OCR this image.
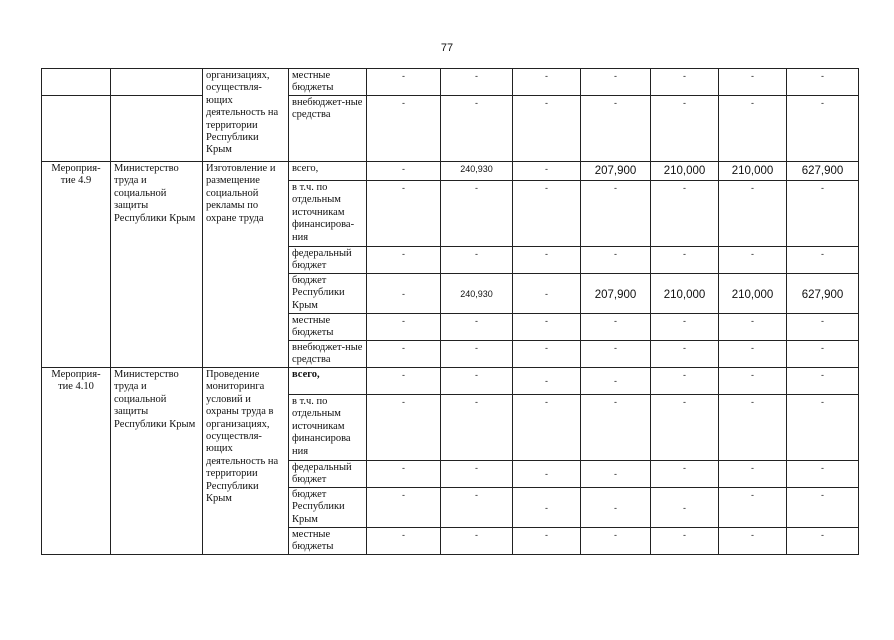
77
		организациях, осуществля-ющих деятельность на территории Республики Крым	местные бюджеты	-	-	-	-	-	-	-
			внебюджет-ные средства	-	-	-	-	-	-	-
Мероприя-тие 4.9	Министерство труда и социальной защиты Республики Крым	Изготовление и размещение социальной рекламы по охране труда	всего,	-	240,930	-	207,900	210,000	210,000	627,900
			в т.ч. по отдельным источникам финансирова-ния	-	-	-	-	-	-	-
			федеральный бюджет	-	-	-	-	-	-	-
			бюджет Республики Крым	-	240,930	-	207,900	210,000	210,000	627,900
			местные бюджеты	-	-	-	-	-	-	-
			внебюджет-ные средства	-	-	-	-	-	-	-
Мероприя-тие 4.10	Министерство труда и социальной защиты Республики Крым	Проведение мониторинга условий и охраны труда в организациях, осуществля-ющих деятельность на территории Республики Крым	всего,	-	-	-	-	-	-	-
			в т.ч. по отдельным источникам финансирова ния	-	-	-	-	-	-	-
			федеральный бюджет	-	-	-	-	-	-	-
			бюджет Республики Крым	-	-	-	-	-	-	-
			местные бюджеты	-	-	-	-	-	-	-
